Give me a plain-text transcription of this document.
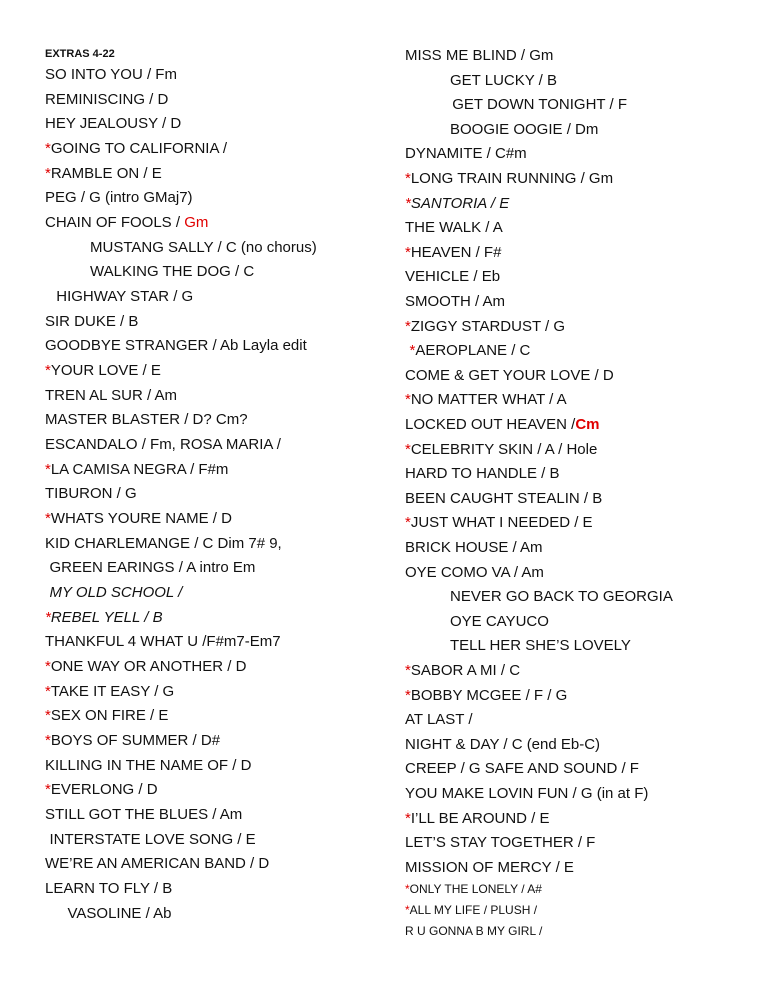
EXTRAS 4-22
SO INTO YOU / Fm
REMINISCING / D
HEY JEALOUSY / D
*GOING TO CALIFORNIA /
*RAMBLE ON / E
PEG / G (intro GMaj7)
CHAIN OF FOOLS / Gm
MUSTANG SALLY / C (no chorus)
WALKING THE DOG / C
HIGHWAY STAR / G
SIR DUKE / B
GOODBYE STRANGER / Ab Layla edit
*YOUR LOVE / E
TREN AL SUR / Am
MASTER BLASTER / D? Cm?
ESCANDALO / Fm, ROSA MARIA /
*LA CAMISA NEGRA / F#m
TIBURON / G
*WHATS YOURE NAME / D
KID CHARLEMANGE / C Dim 7# 9,
GREEN EARINGS / A intro Em
MY OLD SCHOOL /
*REBEL YELL / B
THANKFUL 4 WHAT U /F#m7-Em7
*ONE WAY OR ANOTHER / D
*TAKE IT EASY / G
*SEX ON FIRE / E
*BOYS OF SUMMER / D#
KILLING IN THE NAME OF / D
*EVERLONG / D
STILL GOT THE BLUES / Am
INTERSTATE LOVE SONG / E
WE’RE AN AMERICAN BAND / D
LEARN TO FLY / B
VASOLINE / Ab
MISS ME BLIND / Gm
GET LUCKY / B
GET DOWN TONIGHT / F
BOOGIE OOGIE / Dm
DYNAMITE / C#m
*LONG TRAIN RUNNING / Gm
*SANTORIA / E
THE WALK / A
*HEAVEN / F#
VEHICLE / Eb
SMOOTH / Am
*ZIGGY STARDUST / G
*AEROPLANE / C
COME & GET YOUR LOVE / D
*NO MATTER WHAT / A
LOCKED OUT HEAVEN /Cm
*CELEBRITY SKIN / A / Hole
HARD TO HANDLE / B
BEEN CAUGHT STEALIN / B
*JUST WHAT I NEEDED / E
BRICK HOUSE / Am
OYE COMO VA / Am
NEVER GO BACK TO GEORGIA
OYE CAYUCO
TELL HER SHE’S LOVELY
*SABOR A MI / C
*BOBBY MCGEE / F / G
AT LAST /
NIGHT & DAY / C (end Eb-C)
CREEP / G SAFE AND SOUND / F
YOU MAKE LOVIN FUN / G (in at F)
*I’LL BE AROUND / E
LET’S STAY TOGETHER / F
MISSION OF MERCY / E
*ONLY THE LONELY / A#
*ALL MY LIFE / PLUSH /
R U GONNA B MY GIRL /
